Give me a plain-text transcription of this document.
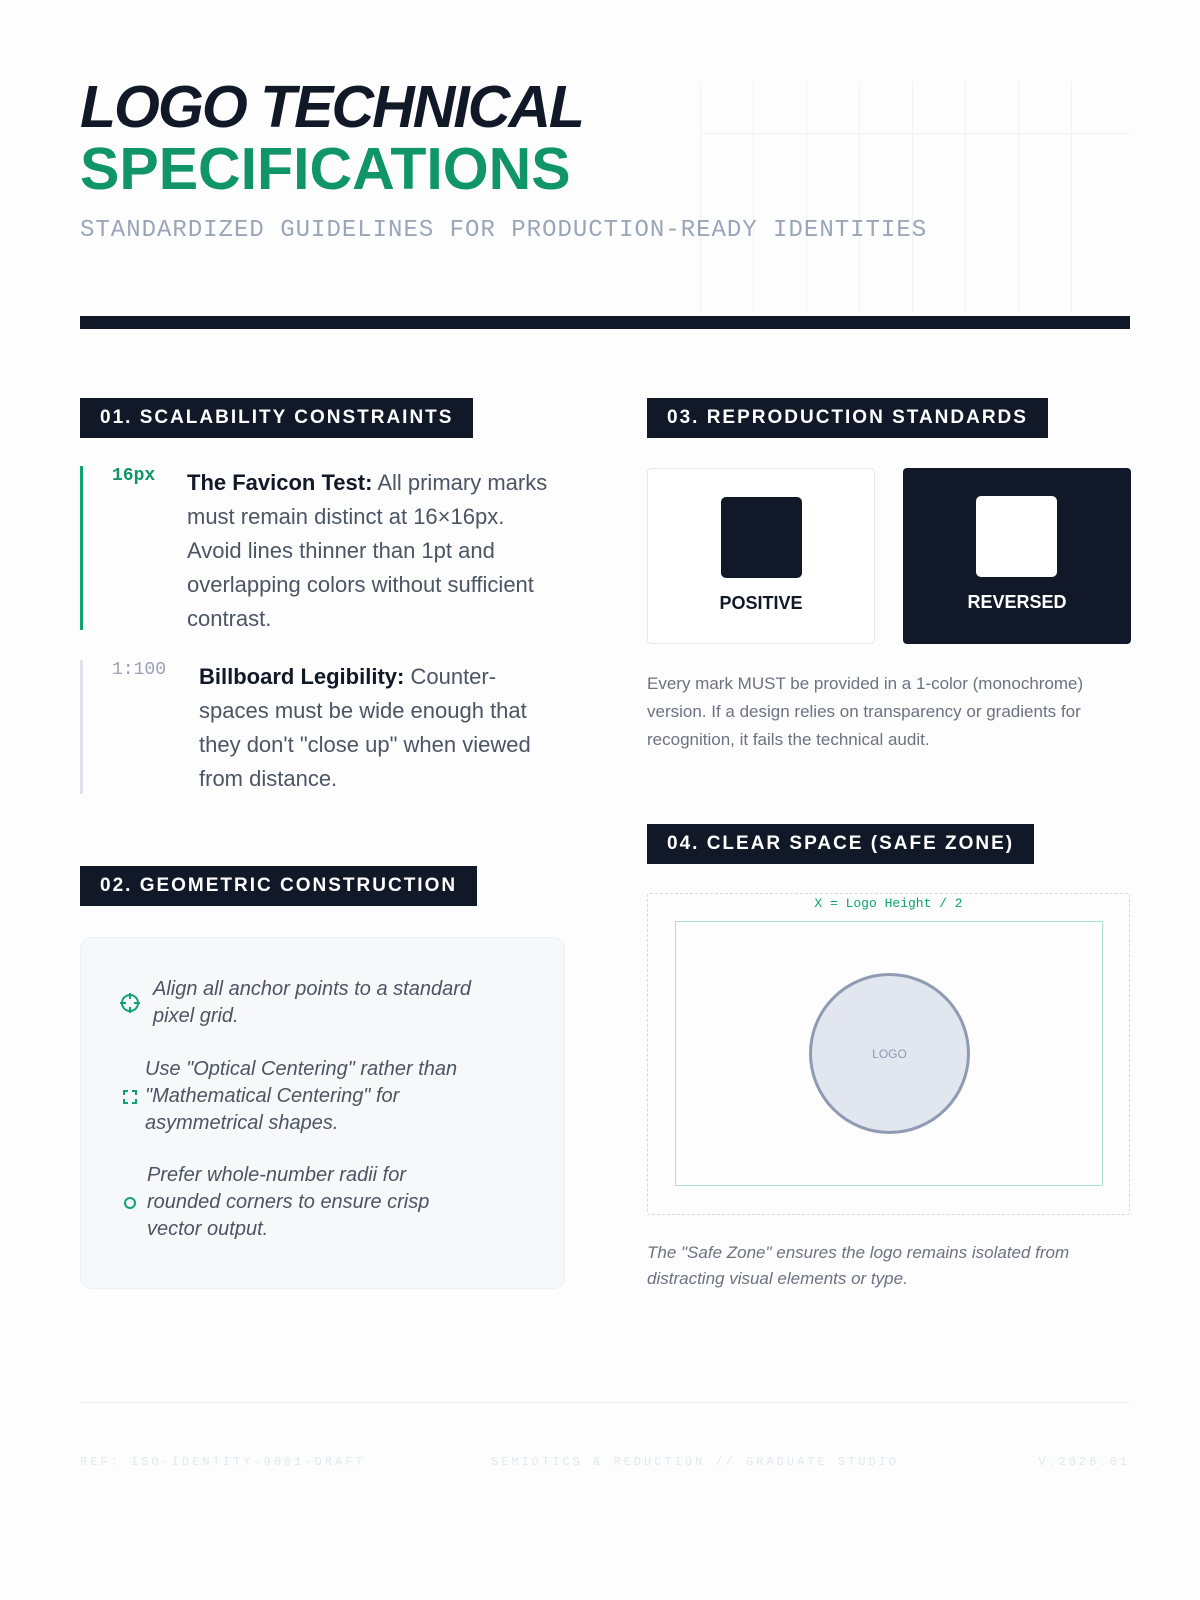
LOGO TECHNICAL
SPECIFICATIONS
STANDARDIZED GUIDELINES FOR PRODUCTION-READY IDENTITIES
01. SCALABILITY CONSTRAINTS
16px The Favicon Test: All primary marks must remain distinct at 16×16px. Avoid lines thinner than 1pt and overlapping colors without sufficient contrast.
1:100 Billboard Legibility: Counter-spaces must be wide enough that they don't "close up" when viewed from distance.
02. GEOMETRIC CONSTRUCTION
Align all anchor points to a standard pixel grid.
Use "Optical Centering" rather than "Mathematical Centering" for asymmetrical shapes.
Prefer whole-number radii for rounded corners to ensure crisp vector output.
03. REPRODUCTION STANDARDS
POSITIVE	REVERSED

Every mark MUST be provided in a 1-color (monochrome) version. If a design relies on transparency or gradients for recognition, it fails the technical audit.

04. CLEAR SPACE (SAFE ZONE)
X = Logo Height / 2
LOGO

The "Safe Zone" ensures the logo remains isolated from distracting visual elements or type.

REF: ISO-IDENTITY-9001-DRAFT	SEMIOTICS & REDUCTION // GRADUATE STUDIO	V.2026.01
